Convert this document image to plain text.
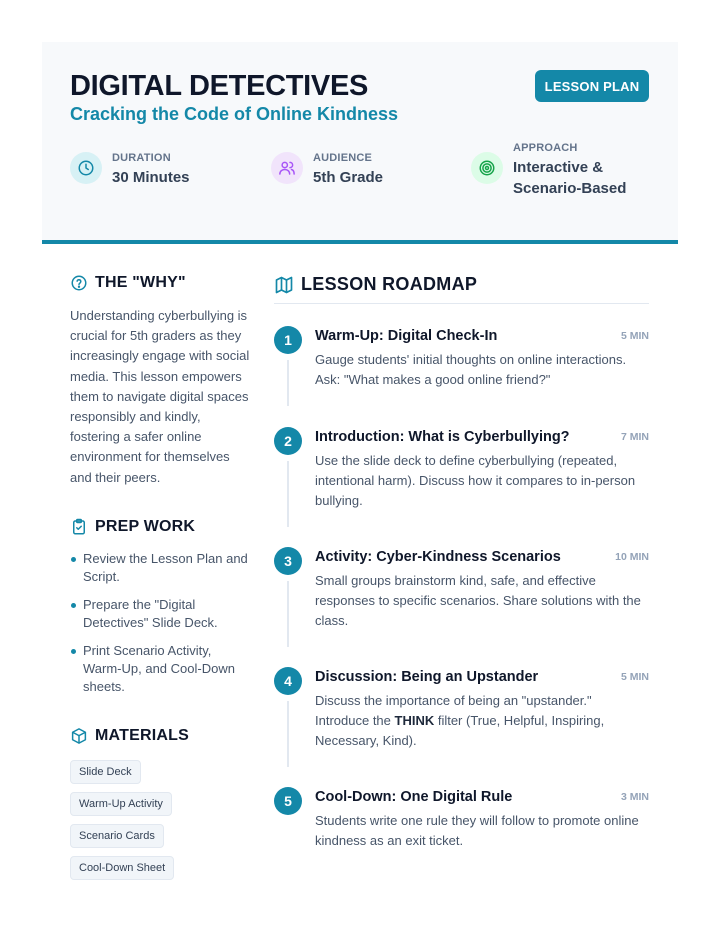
DIGITAL DETECTIVES
Cracking the Code of Online Kindness
LESSON PLAN
DURATION
30 Minutes
AUDIENCE
5th Grade
APPROACH
Interactive &
Scenario-Based
THE "WHY"
Understanding cyberbullying is crucial for 5th graders as they increasingly engage with social media. This lesson empowers them to navigate digital spaces responsibly and kindly, fostering a safer online environment for themselves and their peers.
PREP WORK
Review the Lesson Plan and Script.
Prepare the "Digital Detectives" Slide Deck.
Print Scenario Activity, Warm-Up, and Cool-Down sheets.
MATERIALS
Slide Deck
Warm-Up Activity
Scenario Cards
Cool-Down Sheet
LESSON ROADMAP
1	Warm-Up: Digital Check-In	5 MIN
Gauge students' initial thoughts on online interactions. Ask: "What makes a good online friend?"
2	Introduction: What is Cyberbullying?	7 MIN
Use the slide deck to define cyberbullying (repeated, intentional harm). Discuss how it compares to in-person bullying.
3	Activity: Cyber-Kindness Scenarios	10 MIN
Small groups brainstorm kind, safe, and effective responses to specific scenarios. Share solutions with the class.
4	Discussion: Being an Upstander	5 MIN
Discuss the importance of being an "upstander." Introduce the THINK filter (True, Helpful, Inspiring, Necessary, Kind).
5	Cool-Down: One Digital Rule	3 MIN
Students write one rule they will follow to promote online kindness as an exit ticket.
